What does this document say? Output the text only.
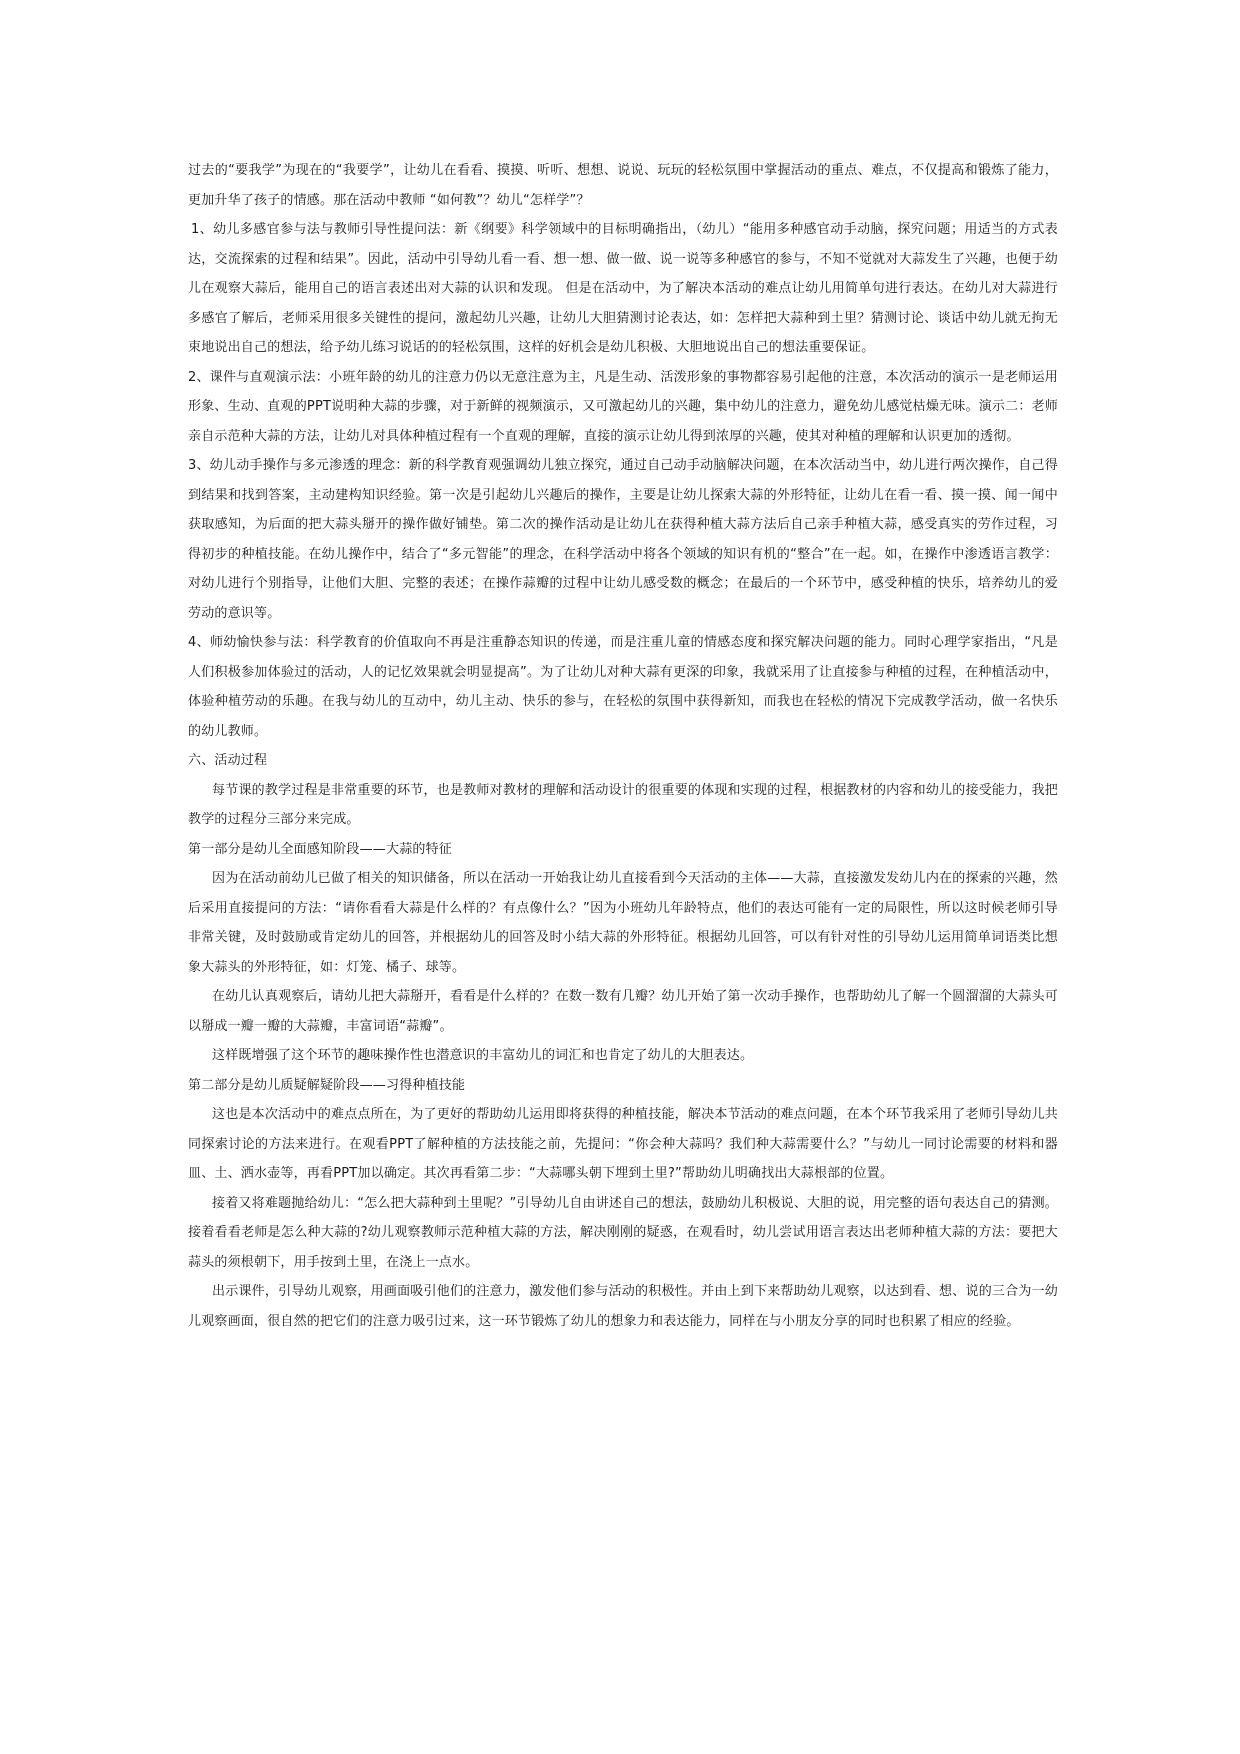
过去的“要我学”为现在的“我要学”，让幼儿在看看、摸摸、听听、想想、说说、玩玩的轻松氛围中掌握活动的重点、难点，不仅提高和锻炼了能力，更加升华了孩子的情感。那在活动中教师 “如何教”？幼儿“怎样学”？

1、幼儿多感官参与法与教师引导性提问法：新《纲要》科学领域中的目标明确指出，（幼儿）“能用多种感官动手动脑，探究问题；用适当的方式表达，交流探索的过程和结果”。因此，活动中引导幼儿看一看、想一想、做一做、说一说等多种感官的参与，不知不觉就对大蒜发生了兴趣，也便于幼儿在观察大蒜后，能用自己的语言表述出对大蒜的认识和发现。 但是在活动中，为了解决本活动的难点让幼儿用简单句进行表达。在幼儿对大蒜进行多感官了解后，老师采用很多关键性的提问，激起幼儿兴趣，让幼儿大胆猜测讨论表达，如：怎样把大蒜种到土里？猜测讨论、谈话中幼儿就无拘无束地说出自己的想法，给予幼儿练习说话的的轻松氛围，这样的好机会是幼儿积极、大胆地说出自己的想法重要保证。

2、课件与直观演示法：小班年龄的幼儿的注意力仍以无意注意为主，凡是生动、活泼形象的事物都容易引起他的注意，本次活动的演示一是老师运用形象、生动、直观的PPT说明种大蒜的步骤，对于新鲜的视频演示，又可激起幼儿的兴趣，集中幼儿的注意力，避免幼儿感觉枯燥无味。演示二：老师亲自示范种大蒜的方法，让幼儿对具体种植过程有一个直观的理解，直接的演示让幼儿得到浓厚的兴趣，使其对种植的理解和认识更加的透彻。

3、幼儿动手操作与多元渗透的理念：新的科学教育观强调幼儿独立探究，通过自己动手动脑解决问题，在本次活动当中，幼儿进行两次操作，自己得到结果和找到答案，主动建构知识经验。第一次是引起幼儿兴趣后的操作，主要是让幼儿探索大蒜的外形特征，让幼儿在看一看、摸一摸、闻一闻中获取感知，为后面的把大蒜头掰开的操作做好铺垫。第二次的操作活动是让幼儿在获得种植大蒜方法后自己亲手种植大蒜，感受真实的劳作过程，习得初步的种植技能。在幼儿操作中，结合了“多元智能”的理念，在科学活动中将各个领域的知识有机的“整合”在一起。如，在操作中渗透语言教学：对幼儿进行个别指导，让他们大胆、完整的表述；在操作蒜瓣的过程中让幼儿感受数的概念；在最后的一个环节中，感受种植的快乐，培养幼儿的爱劳动的意识等。

4、师幼愉快参与法：科学教育的价值取向不再是注重静态知识的传递，而是注重儿童的情感态度和探究解决问题的能力。同时心理学家指出，“凡是人们积极参加体验过的活动，人的记忆效果就会明显提高”。为了让幼儿对种大蒜有更深的印象，我就采用了让直接参与种植的过程，在种植活动中，体验种植劳动的乐趣。在我与幼儿的互动中，幼儿主动、快乐的参与，在轻松的氛围中获得新知，而我也在轻松的情况下完成教学活动，做一名快乐的幼儿教师。

六、活动过程

每节课的教学过程是非常重要的环节，也是教师对教材的理解和活动设计的很重要的体现和实现的过程，根据教材的内容和幼儿的接受能力，我把教学的过程分三部分来完成。

第一部分是幼儿全面感知阶段——大蒜的特征

因为在活动前幼儿已做了相关的知识储备，所以在活动一开始我让幼儿直接看到今天活动的主体——大蒜，直接激发发幼儿内在的探索的兴趣，然后采用直接提问的方法：“请你看看大蒜是什么样的？有点像什么？”因为小班幼儿年龄特点，他们的表达可能有一定的局限性，所以这时候老师引导非常关键，及时鼓励或肯定幼儿的回答，并根据幼儿的回答及时小结大蒜的外形特征。根据幼儿回答，可以有针对性的引导幼儿运用简单词语类比想象大蒜头的外形特征，如：灯笼、橘子、球等。

在幼儿认真观察后，请幼儿把大蒜掰开，看看是什么样的？在数一数有几瓣？幼儿开始了第一次动手操作，也帮助幼儿了解一个圆溜溜的大蒜头可以掰成一瓣一瓣的大蒜瓣，丰富词语“蒜瓣”。

这样既增强了这个环节的趣味操作性也潜意识的丰富幼儿的词汇和也肯定了幼儿的大胆表达。

第二部分是幼儿质疑解疑阶段——习得种植技能

这也是本次活动中的难点点所在，为了更好的帮助幼儿运用即将获得的种植技能，解决本节活动的难点问题，在本个环节我采用了老师引导幼儿共同探索讨论的方法来进行。在观看PPT了解种植的方法技能之前，先提问：“你会种大蒜吗？我们种大蒜需要什么？”与幼儿一同讨论需要的材料和器皿、土、洒水壶等，再看PPT加以确定。其次再看第二步：“大蒜哪头朝下埋到土里?”帮助幼儿明确找出大蒜根部的位置。

接着又将难题抛给幼儿：“怎么把大蒜种到土里呢？”引导幼儿自由讲述自己的想法，鼓励幼儿积极说、大胆的说，用完整的语句表达自己的猜测。接着看看老师是怎么种大蒜的?幼儿观察教师示范种植大蒜的方法，解决刚刚的疑惑，在观看时，幼儿尝试用语言表达出老师种植大蒜的方法：要把大蒜头的须根朝下，用手按到土里，在浇上一点水。

出示课件，引导幼儿观察，用画面吸引他们的注意力，激发他们参与活动的积极性。并由上到下来帮助幼儿观察，以达到看、想、说的三合为一幼儿观察画面，很自然的把它们的注意力吸引过来，这一环节锻炼了幼儿的想象力和表达能力，同样在与小朋友分享的同时也积累了相应的经验。
